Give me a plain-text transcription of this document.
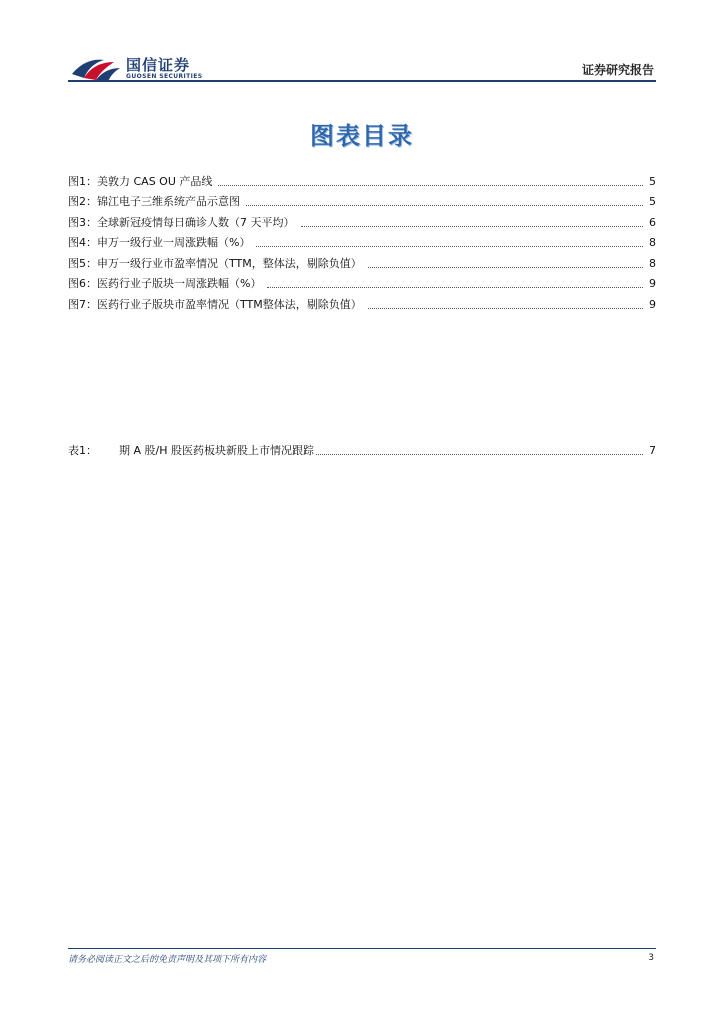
国信证券
GUOSEN SECURITIES	证券研究报告
图表目录
图1： 美敦力 CAS OU 产品线	5
图2： 锦江电子三维系统产品示意图	5
图3： 全球新冠疫情每日确诊人数（7 天平均）	6
图4： 申万一级行业一周涨跌幅（%）	8
图5： 申万一级行业市盈率情况（TTM，整体法，剔除负值）	8
图6： 医药行业子版块一周涨跌幅（%）	9
图7： 医药行业子版块市盈率情况（TTM整体法，剔除负值）	9
表1： 期 A 股/H 股医药板块新股上市情况跟踪	7
请务必阅读正文之后的免责声明及其项下所有内容	3
